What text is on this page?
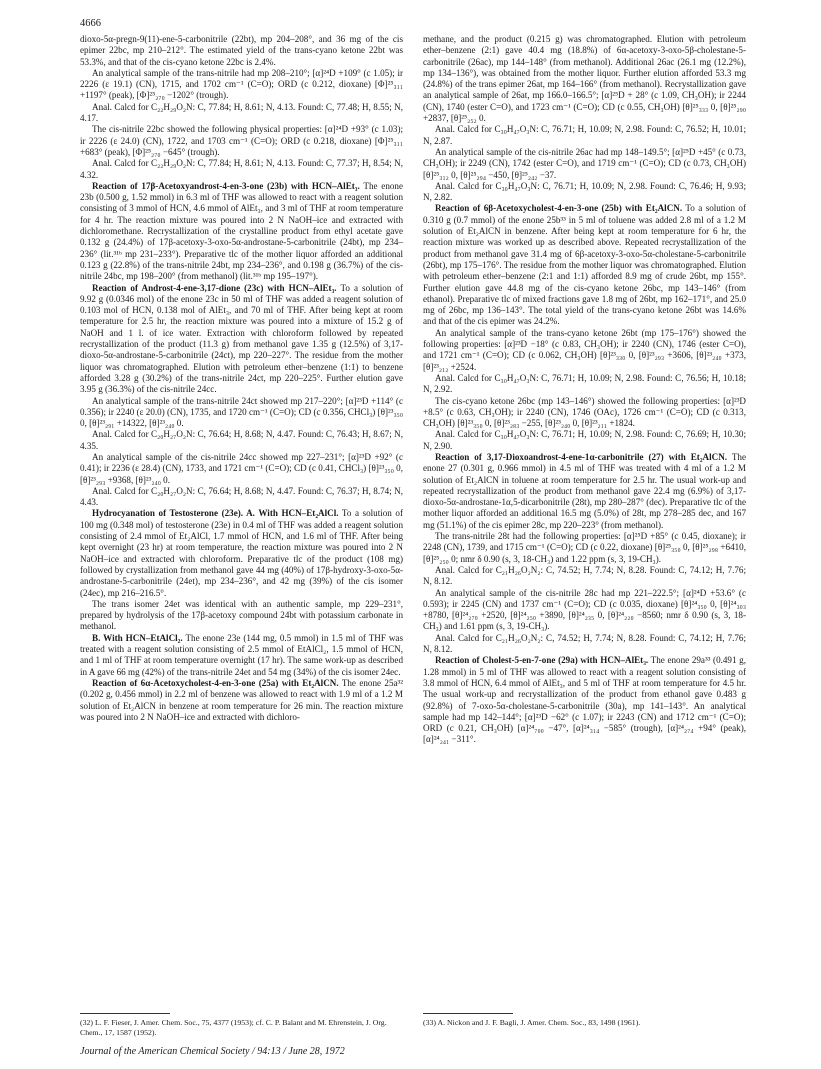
4666

dioxo-5α-pregn-9(11)-ene-5-carbonitrile (22bt), mp 204–208°, and 36 mg of the cis epimer 22bc, mp 210–212°. The estimated yield of the trans-cyano ketone 22bt was 53.3%, and that of the cis-cyano ketone 22bc is 2.4%.

An analytical sample of the trans-nitrile had mp 208–210°; [α]²⁴D +109° (c 1.05); ir 2226 (ε 19.1) (CN), 1715, and 1702 cm⁻¹ (C=O); ORD (c 0.212, dioxane) [Φ]²⁵₃₁₁ +1197° (peak), [Φ]²⁵₂₇₀ −1202° (trough).

Anal. Calcd for C₂₂H₂₉O₂N: C, 77.84; H, 8.61; N, 4.13. Found: C, 77.48; H, 8.55; N, 4.17.

The cis-nitrile 22bc showed the following physical properties: [α]²⁴D +93° (c 1.03); ir 2226 (ε 24.0) (CN), 1722, and 1703 cm⁻¹ (C=O); ORD (c 0.218, dioxane) [Φ]²⁵₃₁₁ +683° (peak), [Φ]²⁵₂₇₀ −645° (trough).

Anal. Calcd for C₂₂H₂₉O₂N: C, 77.84; H, 8.61; N, 4.13. Found: C, 77.37; H, 8.54; N, 4.32.

Reaction of 17β-Acetoxyandrost-4-en-3-one (23b) with HCN–AlEt₃. The enone 23b (0.500 g, 1.52 mmol) in 6.3 ml of THF was allowed to react with a reagent solution consisting of 3 mmol of HCN, 4.6 mmol of AlEt₃, and 3 ml of THF at room temperature for 4 hr. The reaction mixture was poured into 2 N NaOH–ice and extracted with dichloromethane. Recrystallization of the crystalline product from ethyl acetate gave 0.132 g (24.4%) of 17β-acetoxy-3-oxo-5α-androstane-5-carbonitrile (24bt), mp 234–236° (lit.³¹ᵇ mp 231–233°). Preparative tlc of the mother liquor afforded an additional 0.123 g (22.8%) of the trans-nitrile 24bt, mp 234–236°, and 0.198 g (36.7%) of the cis-nitrile 24bc, mp 198–200° (from methanol) (lit.³¹ᵇ mp 195–197°).

Reaction of Androst-4-ene-3,17-dione (23c) with HCN–AlEt₃. To a solution of 9.92 g (0.0346 mol) of the enone 23c in 50 ml of THF was added a reagent solution of 0.103 mol of HCN, 0.138 mol of AlEt₃, and 70 ml of THF. After being kept at room temperature for 2.5 hr, the reaction mixture was poured into a mixture of 15.2 g of NaOH and 1 l. of ice water. Extraction with chloroform followed by repeated recrystallization of the product (11.3 g) from methanol gave 1.35 g (12.5%) of 3,17-dioxo-5α-androstane-5-carbonitrile (24ct), mp 220–227°. The residue from the mother liquor was chromatographed. Elution with petroleum ether–benzene (1:1) to benzene afforded 3.28 g (30.2%) of the trans-nitrile 24ct, mp 220–225°. Further elution gave 3.95 g (36.3%) of the cis-nitrile 24cc.

An analytical sample of the trans-nitrile 24ct showed mp 217–220°; [α]²³D +114° (c 0.356); ir 2240 (ε 20.0) (CN), 1735, and 1720 cm⁻¹ (C=O); CD (c 0.356, CHCl₃) [θ]²³₃₅₀ 0, [θ]²³₂₉₁ +14322, [θ]²³₂₄₀ 0.

Anal. Calcd for C₂₀H₂₇O₂N: C, 76.64; H, 8.68; N, 4.47. Found: C, 76.43; H, 8.67; N, 4.35.

An analytical sample of the cis-nitrile 24cc showed mp 227–231°; [α]²³D +92° (c 0.41); ir 2236 (ε 28.4) (CN), 1733, and 1721 cm⁻¹ (C=O); CD (c 0.41, CHCl₃) [θ]²³₃₅₀ 0, [θ]²³₂₉₃ +9368, [θ]²³₂₄₀ 0.

Anal. Calcd for C₂₀H₂₇O₂N: C, 76.64; H, 8.68; N, 4.47. Found: C, 76.37; H, 8.74; N, 4.43.

Hydrocyanation of Testosterone (23e). A. With HCN–Et₂AlCl. To a solution of 100 mg (0.348 mol) of testosterone (23e) in 0.4 ml of THF was added a reagent solution consisting of 2.4 mmol of Et₂AlCl, 1.7 mmol of HCN, and 1.6 ml of THF. After being kept overnight (23 hr) at room temperature, the reaction mixture was poured into 2 N NaOH–ice and extracted with chloroform. Preparative tlc of the product (108 mg) followed by crystallization from methanol gave 44 mg (40%) of 17β-hydroxy-3-oxo-5α-androstane-5-carbonitrile (24et), mp 234–236°, and 42 mg (39%) of the cis isomer (24ec), mp 216–216.5°.

The trans isomer 24et was identical with an authentic sample, mp 229–231°, prepared by hydrolysis of the 17β-acetoxy compound 24bt with potassium carbonate in methanol.

B. With HCN–EtAlCl₂. The enone 23e (144 mg, 0.5 mmol) in 1.5 ml of THF was treated with a reagent solution consisting of 2.5 mmol of EtAlCl₂, 1.5 mmol of HCN, and 1 ml of THF at room temperature overnight (17 hr). The same work-up as described in A gave 66 mg (42%) of the trans-nitrile 24et and 54 mg (34%) of the cis isomer 24ec.

Reaction of 6α-Acetoxycholest-4-en-3-one (25a) with Et₂AlCN. The enone 25a³² (0.202 g, 0.456 mmol) in 2.2 ml of benzene was allowed to react with 1.9 ml of a 1.2 M solution of Et₂AlCN in benzene at room temperature for 26 min. The reaction mixture was poured into 2 N NaOH–ice and extracted with dichloro-

methane, and the product (0.215 g) was chromatographed. Elution with petroleum ether–benzene (2:1) gave 40.4 mg (18.8%) of 6α-acetoxy-3-oxo-5β-cholestane-5-carbonitrile (26ac), mp 144–148° (from methanol). Additional 26ac (26.1 mg (12.2%), mp 134–136°), was obtained from the mother liquor. Further elution afforded 53.3 mg (24.8%) of the trans epimer 26at, mp 164–166° (from methanol). Recrystallization gave an analytical sample of 26at, mp 166.0–166.5°; [α]²⁵D + 28° (c 1.09, CH₃OH); ir 2244 (CN), 1740 (ester C=O), and 1723 cm⁻¹ (C=O); CD (c 0.55, CH₃OH) [θ]²⁵₃₃₃ 0, [θ]²⁵₂₉₀ +2837, [θ]²⁵₂₅₂ 0.

Anal. Calcd for C₃₀H₄₇O₃N: C, 76.71; H, 10.09; N, 2.98. Found: C, 76.52; H, 10.01; N, 2.87.

An analytical sample of the cis-nitrile 26ac had mp 148–149.5°; [α]²⁵D +45° (c 0.73, CH₃OH); ir 2249 (CN), 1742 (ester C=O), and 1719 cm⁻¹ (C=O); CD (c 0.73, CH₃OH) [θ]²⁵₃₁₂ 0, [θ]²⁵₂₉₄ −450, [θ]²⁵₂₄₂ −37.

Anal. Calcd for C₃₀H₄₇O₃N: C, 76.71; H, 10.09; N, 2.98. Found: C, 76.46; H, 9.93; N, 2.82.

Reaction of 6β-Acetoxycholest-4-en-3-one (25b) with Et₂AlCN. To a solution of 0.310 g (0.7 mmol) of the enone 25b³³ in 5 ml of toluene was added 2.8 ml of a 1.2 M solution of Et₂AlCN in benzene. After being kept at room temperature for 6 hr, the reaction mixture was worked up as described above. Repeated recrystallization of the product from methanol gave 31.4 mg of 6β-acetoxy-3-oxo-5α-cholestane-5-carbonitrile (26bt), mp 175–176°. The residue from the mother liquor was chromatographed. Elution with petroleum ether–benzene (2:1 and 1:1) afforded 8.9 mg of crude 26bt, mp 155°. Further elution gave 44.8 mg of the cis-cyano ketone 26bc, mp 143–146° (from ethanol). Preparative tlc of mixed fractions gave 1.8 mg of 26bt, mp 162–171°, and 25.0 mg of 26bc, mp 136–143°. The total yield of the trans-cyano ketone 26bt was 14.6% and that of the cis epimer was 24.2%.

An analytical sample of the trans-cyano ketone 26bt (mp 175–176°) showed the following properties: [α]²³D −18° (c 0.83, CH₃OH); ir 2240 (CN), 1746 (ester C=O), and 1721 cm⁻¹ (C=O); CD (c 0.062, CH₃OH) [θ]²³₃₃₀ 0, [θ]²³₂₉₃ +3606, [θ]²³₂₄₀ +373, [θ]²³₂₁₂ +2524.

Anal. Calcd for C₃₀H₄₇O₃N: C, 76.71; H, 10.09; N, 2.98. Found: C, 76.56; H, 10.18; N, 2.92.

The cis-cyano ketone 26bc (mp 143–146°) showed the following properties: [α]²³D +8.5° (c 0.63, CH₃OH); ir 2240 (CN), 1746 (OAc), 1726 cm⁻¹ (C=O); CD (c 0.313, CH₃OH) [θ]²³₃₅₀ 0, [θ]²³₂₈₃ −255, [θ]²³₂₄₀ 0, [θ]²³₂₁₁ +1824.

Anal. Calcd for C₃₀H₄₇O₃N: C, 76.71; H, 10.09; N, 2.98. Found: C, 76.69; H, 10.30; N, 2.90.

Reaction of 3,17-Dioxoandrost-4-ene-1α-carbonitrile (27) with Et₂AlCN. The enone 27 (0.301 g, 0.966 mmol) in 4.5 ml of THF was treated with 4 ml of a 1.2 M solution of Et₂AlCN in toluene at room temperature for 2.5 hr. The usual work-up and repeated recrystallization of the product from methanol gave 22.4 mg (6.9%) of 3,17-dioxo-5α-androstane-1α,5-dicarbonitrile (28t), mp 280–287° (dec). Preparative tlc of the mother liquor afforded an additional 16.5 mg (5.0%) of 28t, mp 278–285 dec, and 167 mg (51.1%) of the cis epimer 28c, mp 220–223° (from methanol).

The trans-nitrile 28t had the following properties: [α]²⁵D +85° (c 0.45, dioxane); ir 2248 (CN), 1739, and 1715 cm⁻¹ (C=O); CD (c 0.22, dioxane) [θ]²⁵₃₅₀ 0, [θ]²⁵₂₉₈ +6410, [θ]²⁵₂₅₀ 0; nmr δ 0.90 (s, 3, 18-CH₃) and 1.22 ppm (s, 3, 19-CH₃).

Anal. Calcd for C₂₁H₂₆O₂N₂: C, 74.52; H, 7.74; N, 8.28. Found: C, 74.12; H, 7.76; N, 8.12.

An analytical sample of the cis-nitrile 28c had mp 221–222.5°; [α]²⁴D +53.6° (c 0.593); ir 2245 (CN) and 1737 cm⁻¹ (C=O); CD (c 0.035, dioxane) [θ]²⁴₃₅₀ 0, [θ]²⁴₃₀₃ +8780, [θ]²⁴₂₇₀ +2520, [θ]²⁴₂₅₀ +3890, [θ]²⁴₂₃₅ 0, [θ]²⁴₂₂₀ −8560; nmr δ 0.90 (s, 3, 18-CH₃) and 1.61 ppm (s, 3, 19-CH₃).

Anal. Calcd for C₂₁H₂₆O₂N₂: C, 74.52; H, 7.74; N, 8.28. Found: C, 74.12; H, 7.76; N, 8.12.

Reaction of Cholest-5-en-7-one (29a) with HCN–AlEt₃. The enone 29a³³ (0.491 g, 1.28 mmol) in 5 ml of THF was allowed to react with a reagent solution consisting of 3.8 mmol of HCN, 6.4 mmol of AlEt₃, and 5 ml of THF at room temperature for 4.5 hr. The usual work-up and recrystallization of the product from ethanol gave 0.483 g (92.8%) of 7-oxo-5α-cholestane-5-carbonitrile (30a), mp 141–143°. An analytical sample had mp 142–144°; [α]²³D −62° (c 1.07); ir 2243 (CN) and 1712 cm⁻¹ (C=O); ORD (c 0.21, CH₃OH) [α]²⁴₇₀₀ −47°, [α]²⁴₃₁₄ −585° (trough), [α]²⁴₂₇₄ +94° (peak), [α]²⁴₂₄₁ −311°.

(32) L. F. Fieser, J. Amer. Chem. Soc., 75, 4377 (1953); cf. C. P. Balant and M. Ehrenstein, J. Org. Chem., 17, 1587 (1952).
(33) A. Nickon and J. F. Bagli, J. Amer. Chem. Soc., 83, 1498 (1961).
Journal of the American Chemical Society / 94:13 / June 28, 1972
